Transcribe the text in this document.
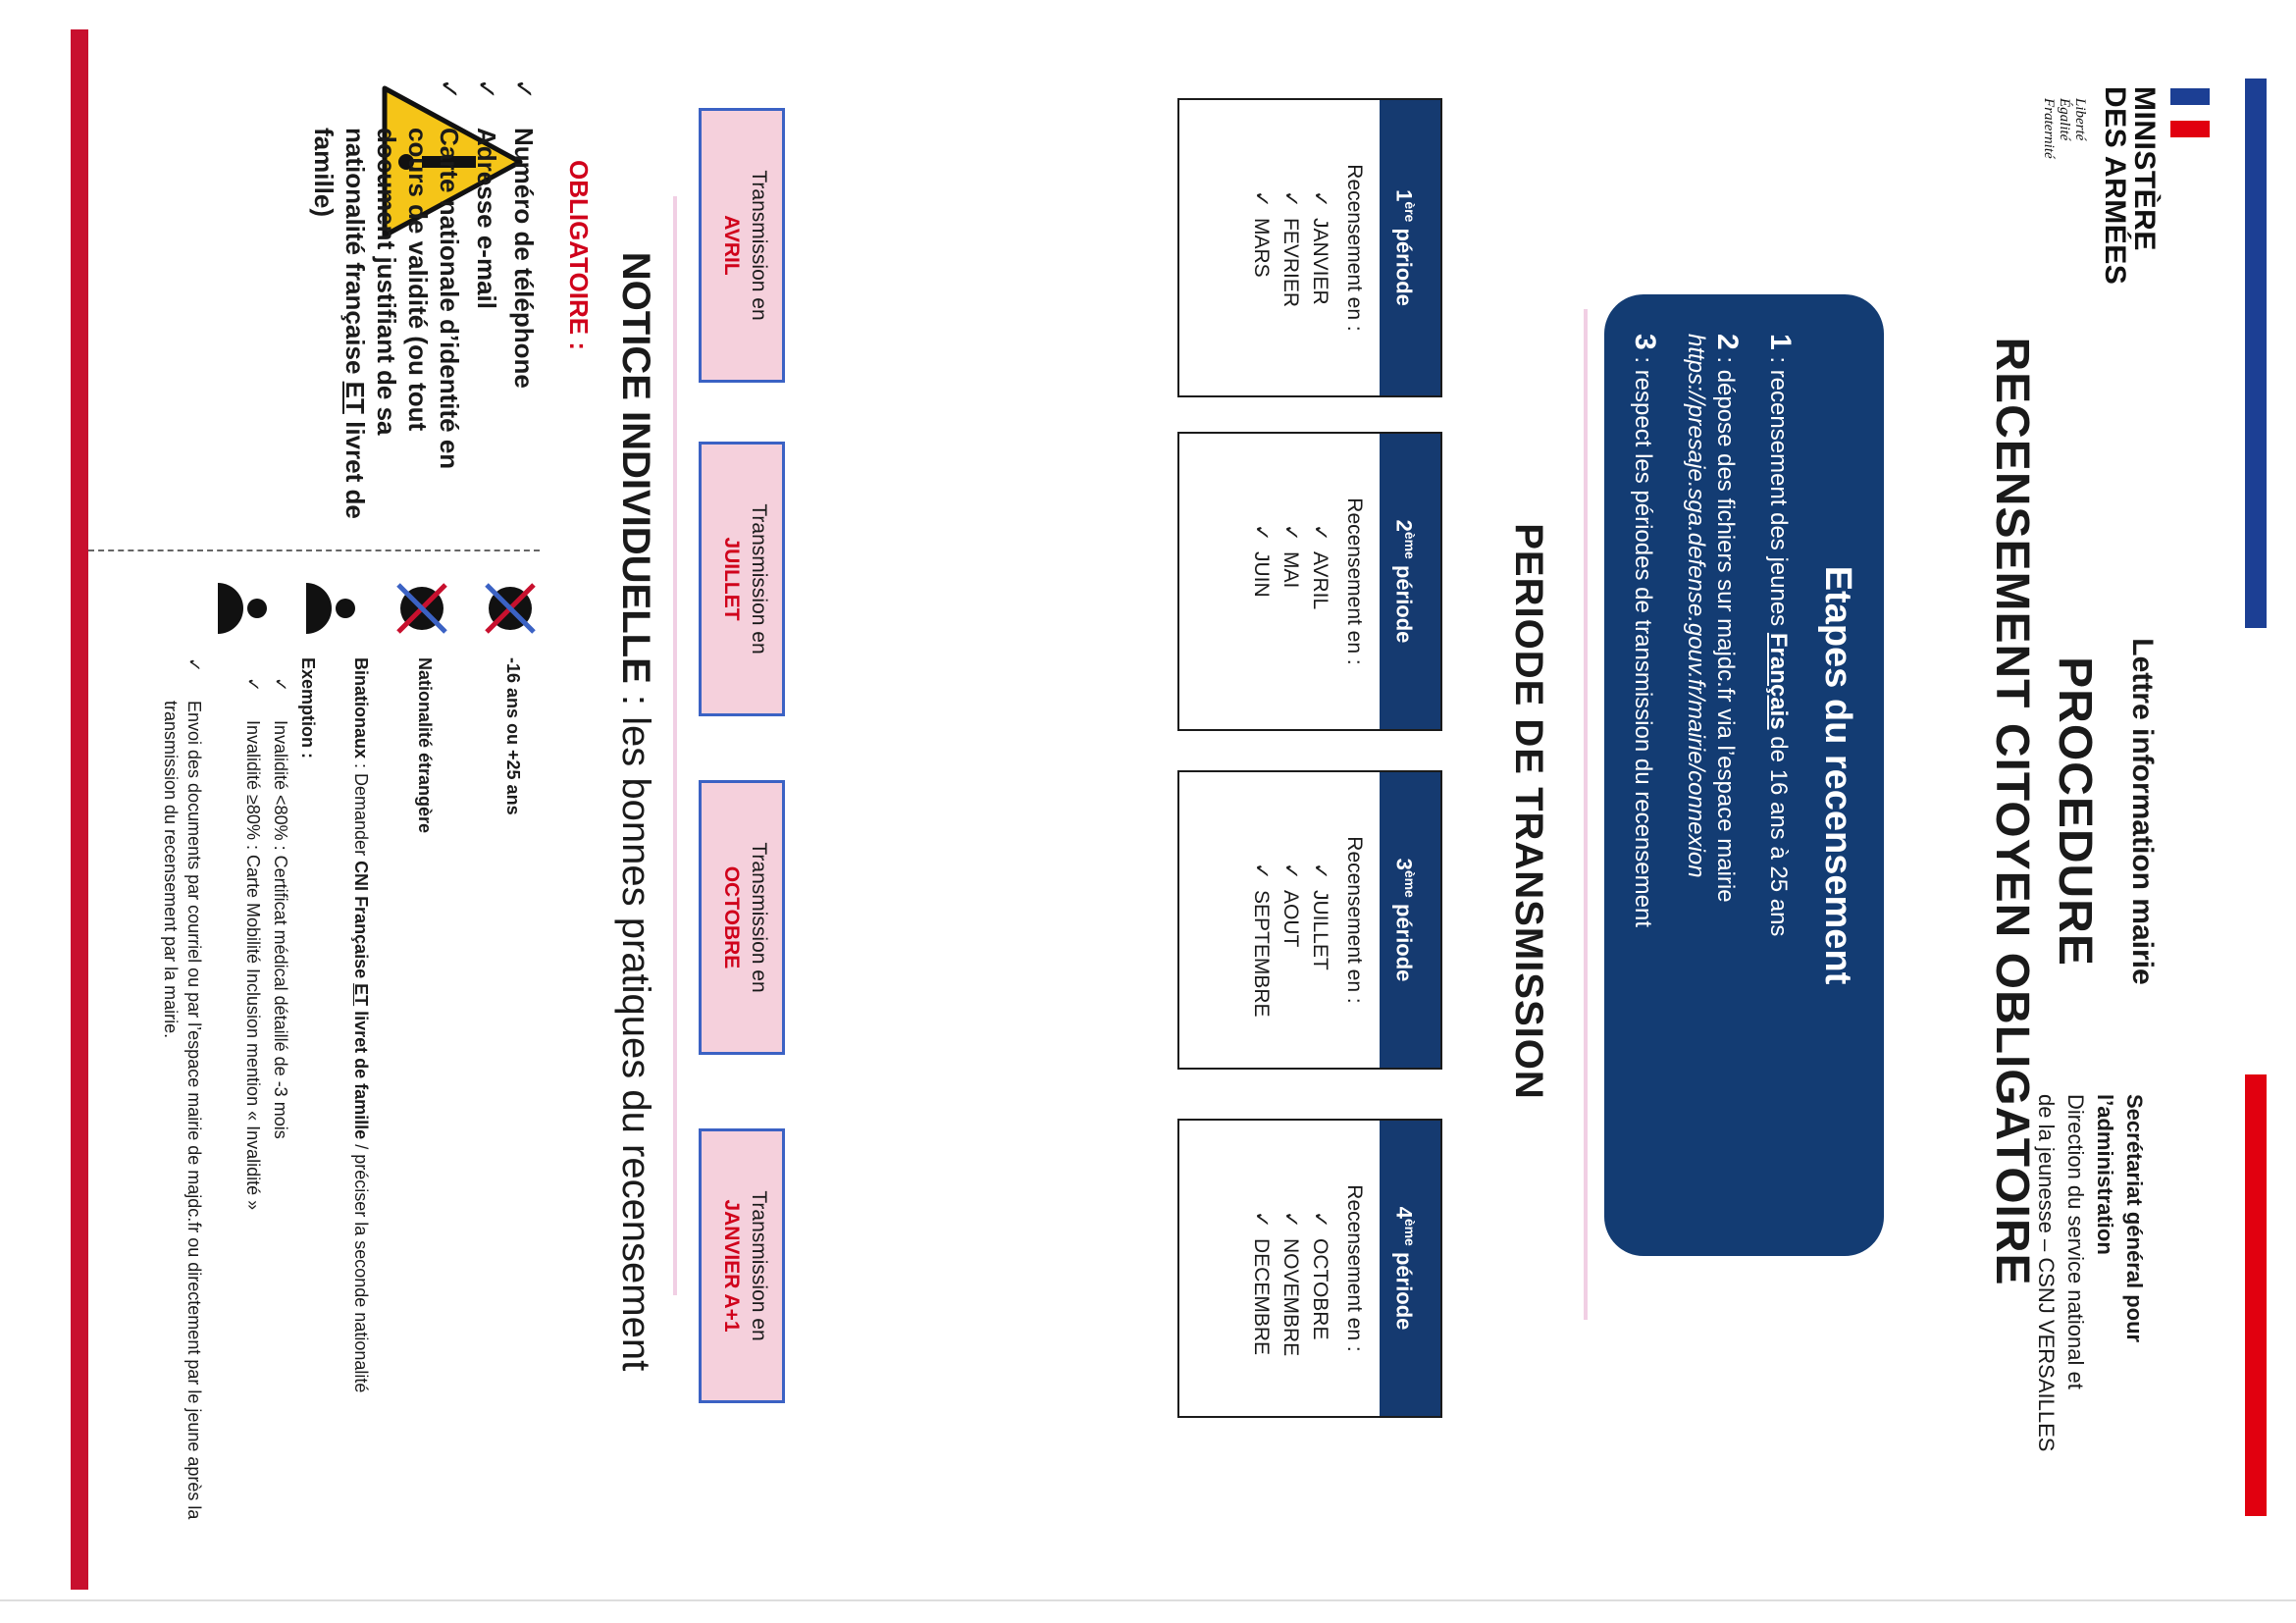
MINISTÈRE
DES ARMÉES
Liberté
Égalité
Fraternité
Secrétariat général pour
l’administration
Direction du service national et
de la jeunesse – CSNJ VERSAILLES
Lettre information mairie
PROCEDURE
RECENSEMENT CITOYEN OBLIGATOIRE
Etapes du recensement
1 : recensement des jeunes Français de 16 ans à 25 ans
2 : dépose des fichiers sur majdc.fr via l’espace mairie
https://presaje.sga.defense.gouv.fr/mairie/connexion
3 : respect les périodes de transmission du recensement
PERIODE DE TRANSMISSION
1ère période
Recensement en :
✓JANVIER
✓FEVRIER
✓MARS
2ème période
Recensement en :
✓AVRIL
✓MAI
✓JUIN
3ème période
Recensement en :
✓JUILLET
✓AOUT
✓SEPTEMBRE
4ème période
Recensement en :
✓OCTOBRE
✓NOVEMBRE
✓DECEMBRE
Transmission en
AVRIL
Transmission en
JUILLET
Transmission en
OCTOBRE
Transmission en
JANVIER A+1
NOTICE INDIVIDUELLE : les bonnes pratiques du recensement
OBLIGATOIRE :
✓
Numéro de téléphone
✓
Adresse e-mail
✓
Carte nationale d’identité en cours de validité (ou tout document justifiant de sa nationalité française ET livret de famille)
-16 ans ou +25 ans
Nationalité étrangère
Binationaux : Demander CNI Française ET livret de famille / préciser la seconde nationalité
Exemption :
✓
Invalidité <80% : Certificat médical détaillé de -3 mois
✓
Invalidité ≥80% : Carte Mobilité Inclusion mention « Invalidité »
✓
Envoi des documents par courriel ou par l’espace mairie de majdc.fr ou directement par le jeune après la transmission du recensement par la mairie.
